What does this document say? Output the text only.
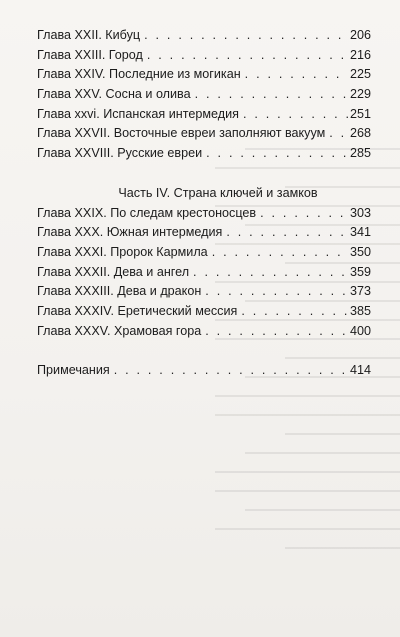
Глава XXII. Кибуц . . .	206
Глава XXIII. Город . . .	216
Глава XXIV. Последние из могикан . . .	225
Глава XXV. Сосна и олива . . .	229
Глава xxvi. Испанская интермедия . . .	251
Глава XXVII. Восточные евреи заполняют вакуум . . . 268
Глава XXVIII. Русские евреи . . .	285
Часть IV. Страна ключей и замков
Глава XXIX. По следам крестоносцев . . .	303
Глава XXX. Южная интермедия . . .	341
Глава XXXI. Пророк Кармила . . .	350
Глава XXXII. Дева и ангел . . .	359
Глава XXXIII. Дева и дракон . . .	373
Глава XXXIV. Еретический мессия . . .	385
Глава XXXV. Храмовая гора . . .	400
Примечания . . .	414
